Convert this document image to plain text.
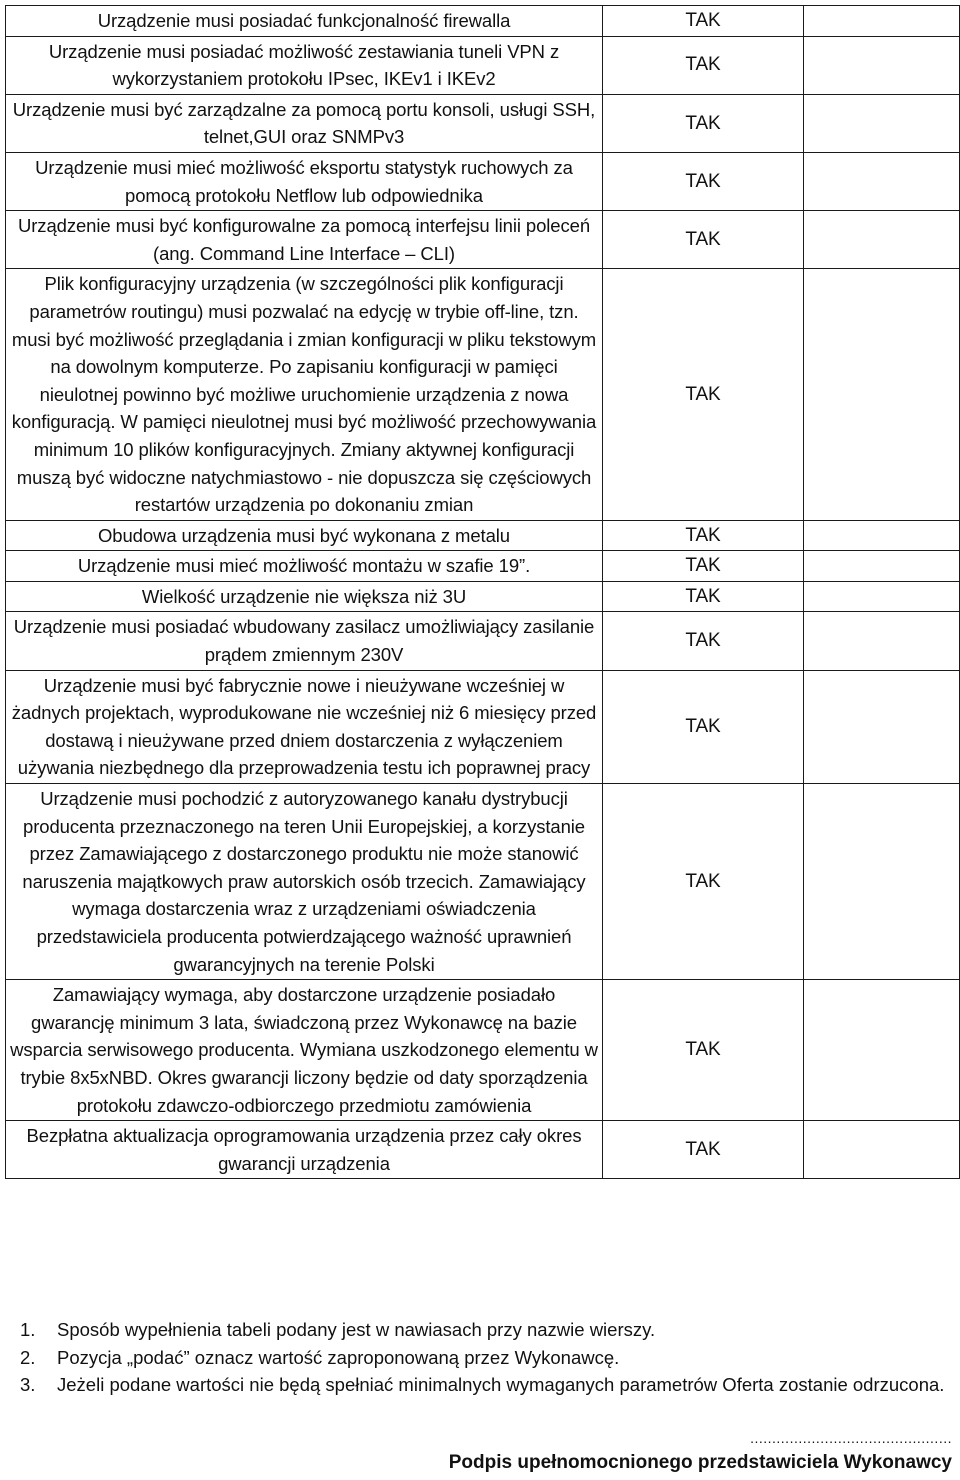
Urządzenie musi posiadać funkcjonalność firewalla	TAK	
Urządzenie musi posiadać możliwość zestawiania tuneli VPN z wykorzystaniem protokołu IPsec, IKEv1 i IKEv2	TAK	
Urządzenie musi być zarządzalne za pomocą portu konsoli, usługi SSH, telnet,GUI oraz SNMPv3	TAK	
Urządzenie musi mieć możliwość eksportu statystyk ruchowych za pomocą protokołu Netflow lub odpowiednika	TAK	
Urządzenie musi być konfigurowalne za pomocą interfejsu linii poleceń (ang. Command Line Interface – CLI)	TAK	
Plik konfiguracyjny urządzenia (w szczególności plik konfiguracji parametrów routingu) musi pozwalać na edycję w trybie off-line, tzn. musi być możliwość przeglądania i zmian konfiguracji w pliku tekstowym na dowolnym komputerze. Po zapisaniu konfiguracji w pamięci nieulotnej powinno być możliwe uruchomienie urządzenia z nowa konfiguracją. W pamięci nieulotnej musi być możliwość przechowywania minimum 10 plików konfiguracyjnych. Zmiany aktywnej konfiguracji muszą być widoczne natychmiastowo - nie dopuszcza się częściowych restartów urządzenia po dokonaniu zmian	TAK	
Obudowa urządzenia musi być wykonana z metalu	TAK	
Urządzenie musi mieć możliwość montażu w szafie 19”.	TAK	
Wielkość urządzenie nie większa niż 3U	TAK	
Urządzenie musi posiadać wbudowany zasilacz umożliwiający zasilanie prądem zmiennym 230V	TAK	
Urządzenie musi być fabrycznie nowe i nieużywane wcześniej w żadnych projektach, wyprodukowane nie wcześniej niż 6 miesięcy przed dostawą i nieużywane przed dniem dostarczenia z wyłączeniem używania niezbędnego dla przeprowadzenia testu ich poprawnej pracy	TAK	
Urządzenie musi pochodzić z autoryzowanego kanału dystrybucji producenta przeznaczonego na teren Unii Europejskiej, a korzystanie przez Zamawiającego z dostarczonego produktu nie może stanowić naruszenia majątkowych praw autorskich osób trzecich. Zamawiający wymaga dostarczenia wraz z urządzeniami oświadczenia przedstawiciela producenta potwierdzającego ważność uprawnień gwarancyjnych na terenie Polski	TAK	
Zamawiający wymaga, aby dostarczone urządzenie posiadało gwarancję minimum 3 lata, świadczoną przez Wykonawcę na bazie wsparcia serwisowego producenta. Wymiana uszkodzonego elementu w trybie 8x5xNBD. Okres gwarancji liczony będzie od daty sporządzenia protokołu zdawczo-odbiorczego przedmiotu zamówienia	TAK	
Bezpłatna aktualizacja oprogramowania urządzenia przez cały okres gwarancji urządzenia	TAK	
1. Sposób wypełnienia tabeli podany jest w nawiasach przy nazwie wierszy.
2. Pozycja „podać” oznacz wartość zaproponowaną przez Wykonawcę.
3. Jeżeli podane wartości nie będą spełniać minimalnych wymaganych parametrów Oferta zostanie odrzucona.
..............................................
Podpis upełnomocnionego przedstawiciela Wykonawcy
